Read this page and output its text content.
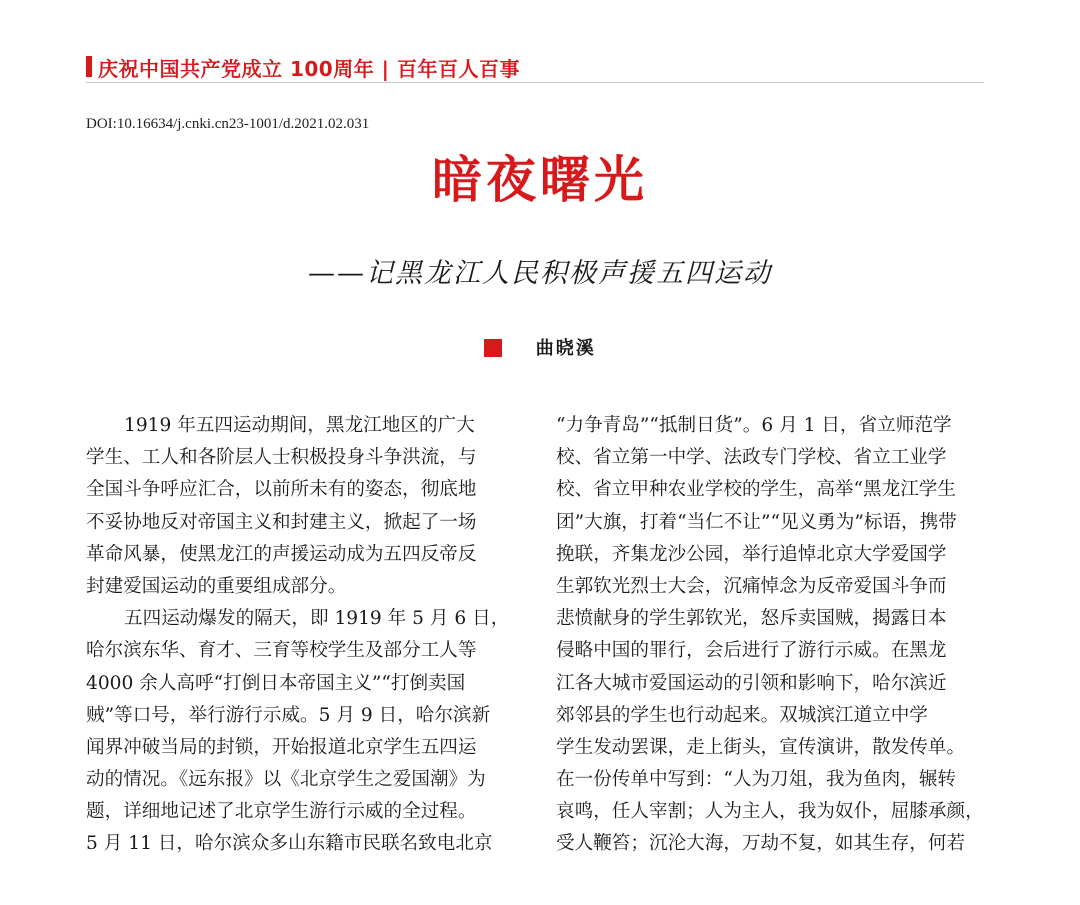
庆祝中国共产党成立 100周年 | 百年百人百事
DOI:10.16634/j.cnki.cn23-1001/d.2021.02.031
暗夜曙光
——记黑龙江人民积极声援五四运动
曲晓溪
1919 年五四运动期间，黑龙江地区的广大
学生、工人和各阶层人士积极投身斗争洪流，与
全国斗争呼应汇合，以前所未有的姿态，彻底地
不妥协地反对帝国主义和封建主义，掀起了一场
革命风暴，使黑龙江的声援运动成为五四反帝反
封建爱国运动的重要组成部分。
五四运动爆发的隔天，即 1919 年 5 月 6 日，
哈尔滨东华、育才、三育等校学生及部分工人等
4000 余人高呼“打倒日本帝国主义”“打倒卖国
贼”等口号，举行游行示威。5 月 9 日，哈尔滨新
闻界冲破当局的封锁，开始报道北京学生五四运
动的情况。《远东报》以《北京学生之爱国潮》为
题，详细地记述了北京学生游行示威的全过程。
5 月 11 日，哈尔滨众多山东籍市民联名致电北京
“力争青岛”“抵制日货”。6 月 1 日，省立师范学
校、省立第一中学、法政专门学校、省立工业学
校、省立甲种农业学校的学生，高举“黑龙江学生
团”大旗，打着“当仁不让”“见义勇为”标语，携带
挽联，齐集龙沙公园，举行追悼北京大学爱国学
生郭钦光烈士大会，沉痛悼念为反帝爱国斗争而
悲愤献身的学生郭钦光，怒斥卖国贼，揭露日本
侵略中国的罪行，会后进行了游行示威。在黑龙
江各大城市爱国运动的引领和影响下，哈尔滨近
郊邻县的学生也行动起来。双城滨江道立中学
学生发动罢课，走上街头，宣传演讲，散发传单。
在一份传单中写到：“人为刀俎，我为鱼肉，辗转
哀鸣，任人宰割；人为主人，我为奴仆，屈膝承颜，
受人鞭笞；沉沦大海，万劫不复，如其生存，何若
